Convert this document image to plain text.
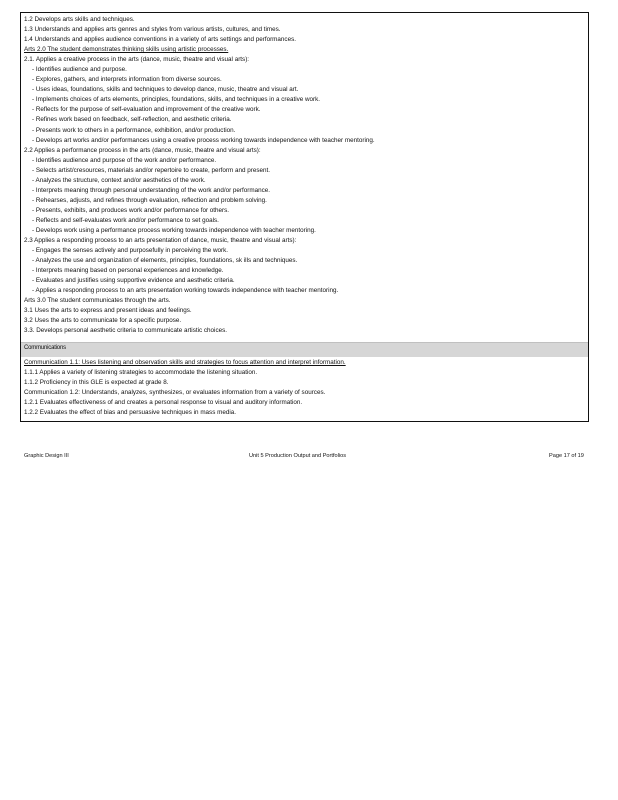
1.2 Develops arts skills and techniques.
1.3 Understands and applies arts genres and styles from various artists, cultures, and times.
1.4 Understands and applies audience conventions in a variety of arts settings and performances.
Arts 2.0 The student demonstrates thinking skills using artistic processes.
2.1. Applies a creative process in the arts (dance, music, theatre and visual arts):
- Identifies audience and purpose.
- Explores, gathers, and interprets information from diverse sources.
- Uses ideas, foundations, skills and techniques to develop dance, music, theatre and visual art.
- Implements choices of arts elements, principles, foundations, skills, and techniques in a creative work.
- Reflects for the purpose of self-evaluation and improvement of the creative work.
- Refines work based on feedback, self-reflection, and aesthetic criteria.
- Presents work to others in a performance, exhibition, and/or production.
- Develops art works and/or performances using a creative process working towards independence with teacher mentoring.
2.2 Applies a performance process in the arts (dance, music, theatre and visual arts):
- Identifies audience and purpose of the work and/or performance.
- Selects artist/cresources, materials and/or repertoire to create, perform and present.
- Analyzes the structure, context and/or aesthetics of the work.
- Interprets meaning through personal understanding of the work and/or performance.
- Rehearses, adjusts, and refines through evaluation, reflection and problem solving.
- Presents, exhibits, and produces work and/or performance for others.
- Reflects and self-evaluates work and/or performance to set goals.
- Develops work using a performance process working towards independence with teacher mentoring.
2.3 Applies a responding process to an arts presentation of dance, music, theatre and visual arts):
- Engages the senses actively and purposefully in perceiving the work.
- Analyzes the use and organization of elements, principles, foundations, sk ills and techniques.
- Interprets meaning based on personal experiences and knowledge.
- Evaluates and justifies using supportive evidence and aesthetic criteria.
- Applies a responding process to an arts presentation working towards independence with teacher mentoring.
Arts 3.0 The student communicates through the arts.
3.1 Uses the arts to express and present ideas and feelings.
3.2 Uses the arts to communicate for a specific purpose.
3.3. Develops personal aesthetic criteria to communicate artistic choices.
Communications
Communication 1.1: Uses listening and observation skills and strategies to focus attention and interpret information.
1.1.1 Applies a variety of listening strategies to accommodate the listening situation.
1.1.2 Proficiency in this GLE is expected at grade 8.
Communication 1.2: Understands, analyzes, synthesizes, or evaluates information from a variety of sources.
1.2.1 Evaluates effectiveness of and creates a personal response to visual and auditory information.
1.2.2 Evaluates the effect of bias and persuasive techniques in mass media.
Graphic Design III	Unit 5 Production Output and Portfolios	Page 17 of 19
